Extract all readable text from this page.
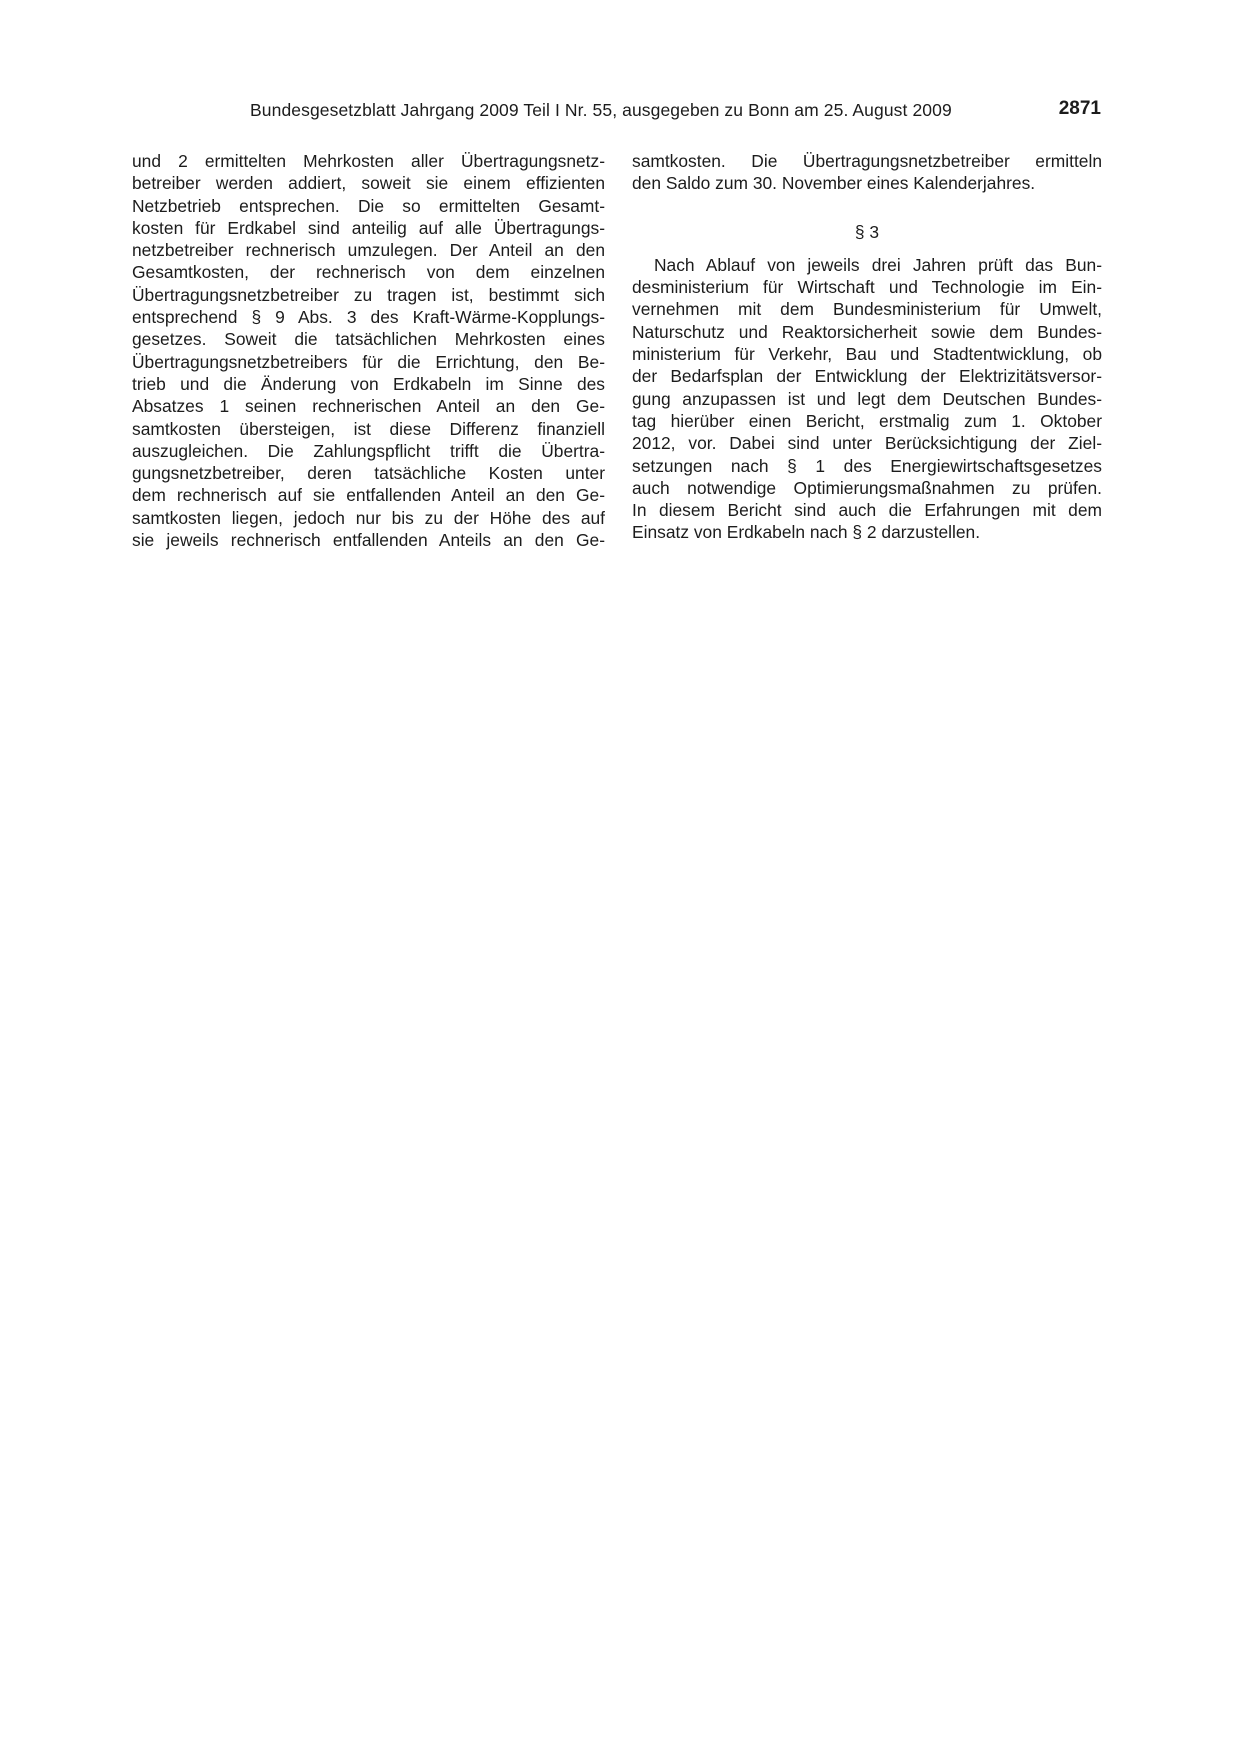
Bundesgesetzblatt Jahrgang 2009 Teil I Nr. 55, ausgegeben zu Bonn am 25. August 2009	2871
und 2 ermittelten Mehrkosten aller Übertragungsnetz-
betreiber werden addiert, soweit sie einem effizienten
Netzbetrieb entsprechen. Die so ermittelten Gesamt-
kosten für Erdkabel sind anteilig auf alle Übertragungs-
netzbetreiber rechnerisch umzulegen. Der Anteil an den
Gesamtkosten, der rechnerisch von dem einzelnen
Übertragungsnetzbetreiber zu tragen ist, bestimmt sich
entsprechend § 9 Abs. 3 des Kraft-Wärme-Kopplungs-
gesetzes. Soweit die tatsächlichen Mehrkosten eines
Übertragungsnetzbetreibers für die Errichtung, den Be-
trieb und die Änderung von Erdkabeln im Sinne des
Absatzes 1 seinen rechnerischen Anteil an den Ge-
samtkosten übersteigen, ist diese Differenz finanziell
auszugleichen. Die Zahlungspflicht trifft die Übertra-
gungsnetzbetreiber, deren tatsächliche Kosten unter
dem rechnerisch auf sie entfallenden Anteil an den Ge-
samtkosten liegen, jedoch nur bis zu der Höhe des auf
sie jeweils rechnerisch entfallenden Anteils an den Ge-
samtkosten. Die Übertragungsnetzbetreiber ermitteln
den Saldo zum 30. November eines Kalenderjahres.
§ 3
Nach Ablauf von jeweils drei Jahren prüft das Bun-
desministerium für Wirtschaft und Technologie im Ein-
vernehmen mit dem Bundesministerium für Umwelt,
Naturschutz und Reaktorsicherheit sowie dem Bundes-
ministerium für Verkehr, Bau und Stadtentwicklung, ob
der Bedarfsplan der Entwicklung der Elektrizitätsversor-
gung anzupassen ist und legt dem Deutschen Bundes-
tag hierüber einen Bericht, erstmalig zum 1. Oktober
2012, vor. Dabei sind unter Berücksichtigung der Ziel-
setzungen nach § 1 des Energiewirtschaftsgesetzes
auch notwendige Optimierungsmaßnahmen zu prüfen.
In diesem Bericht sind auch die Erfahrungen mit dem
Einsatz von Erdkabeln nach § 2 darzustellen.
